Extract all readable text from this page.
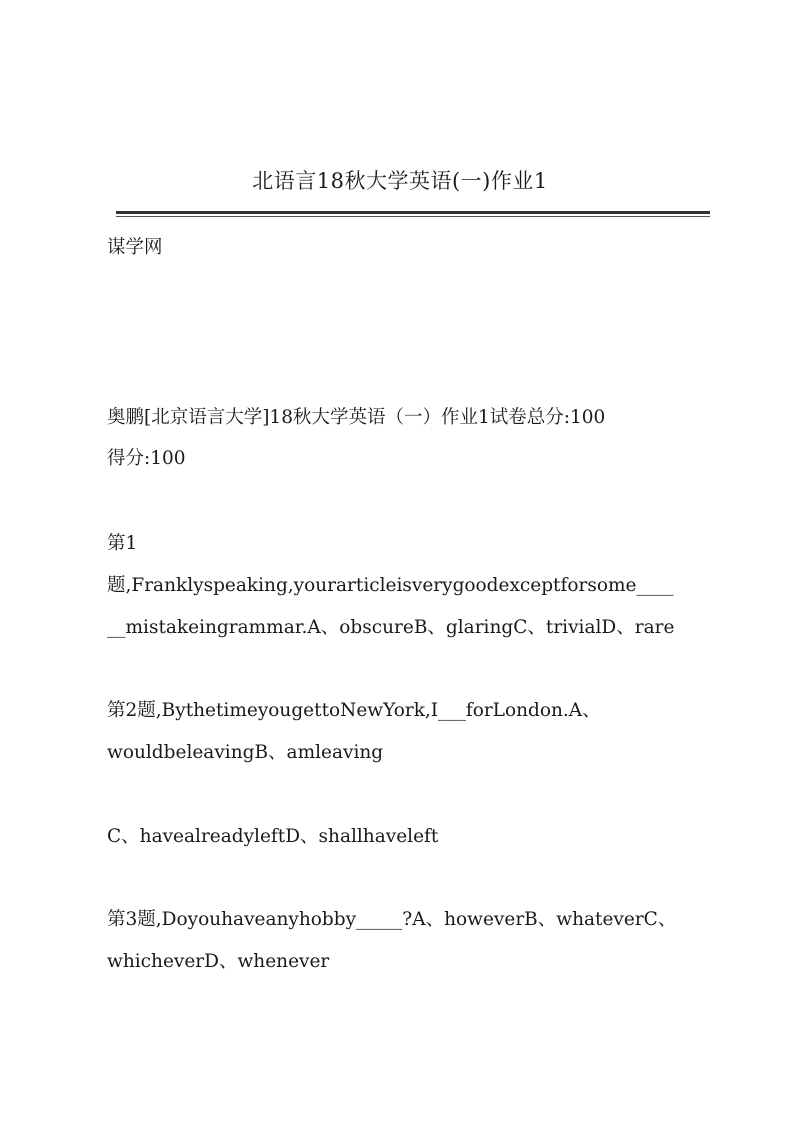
北语言18秋大学英语(一)作业1
谋学网
奥鹏[北京语言大学]18秋大学英语（一）作业1试卷总分:100
得分:100
第1
题,Franklyspeaking,yourarticleisverygoodexceptforsome____
__mistakeingrammar.A、obscureB、glaringC、trivialD、rare
第2题,BythetimeyougettoNewYork,I___forLondon.A、
wouldbeleavingB、amleaving
C、havealreadyleftD、shallhaveleft
第3题,Doyouhaveanyhobby_____?A、howeverB、whateverC、
whicheverD、whenever
